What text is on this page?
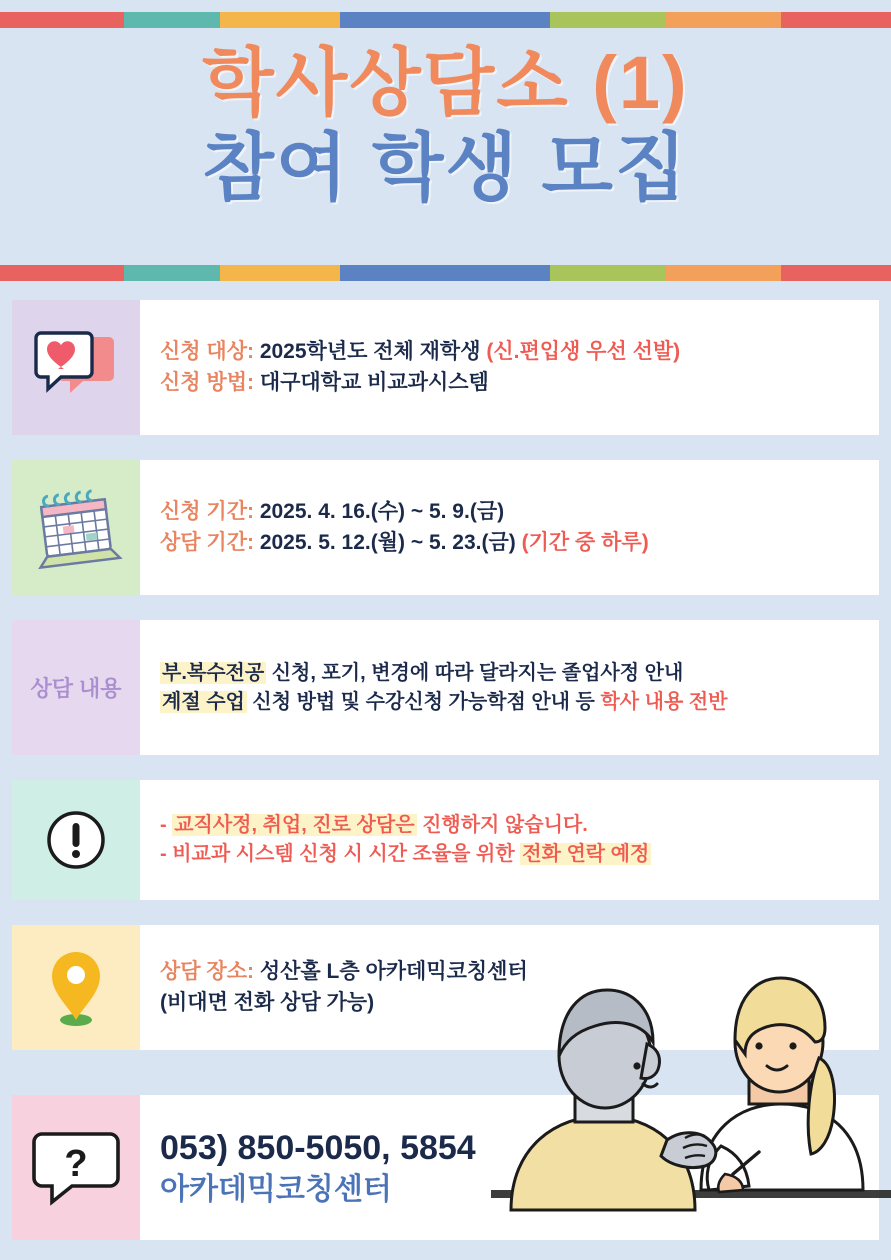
학사상담소 (1)
참여 학생 모집
신청 대상: 2025학년도 전체 재학생 (신.편입생 우선 선발)
신청 방법: 대구대학교 비교과시스템
신청 기간: 2025. 4. 16.(수) ~ 5. 9.(금)
상담 기간: 2025. 5. 12.(월) ~ 5. 23.(금) (기간 중 하루)
상담 내용
부.복수전공 신청, 포기, 변경에 따라 달라지는 졸업사정 안내
계절 수업 신청 방법 및 수강신청 가능학점 안내 등 학사 내용 전반
- 교직사정, 취업, 진로 상담은 진행하지 않습니다.
- 비교과 시스템 신청 시 시간 조율을 위한 전화 연락 예정
상담 장소: 성산홀 L층 아카데믹코칭센터
(비대면 전화 상담 가능)
? 053) 850-5050, 5854
아카데믹코칭센터
